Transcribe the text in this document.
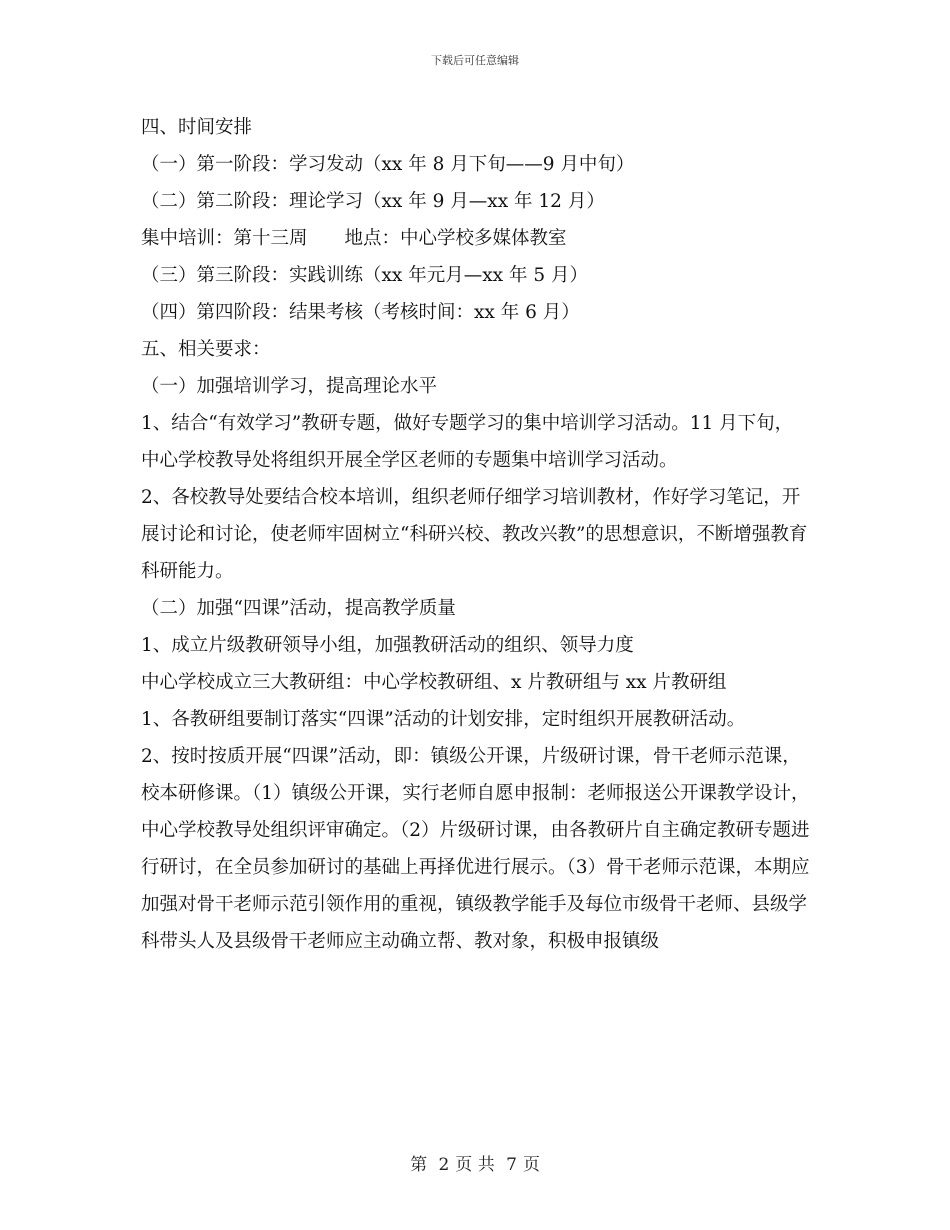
下载后可任意编辑

四、时间安排

（一）第一阶段：学习发动（xx 年 8 月下旬——9 月中旬）

（二）第二阶段：理论学习（xx 年 9 月—xx 年 12 月）

集中培训：第十三周　　地点：中心学校多媒体教室

（三）第三阶段：实践训练（xx 年元月—xx 年 5 月）

（四）第四阶段：结果考核（考核时间：xx 年 6 月）

五、相关要求：

（一）加强培训学习，提高理论水平

1、结合“有效学习”教研专题，做好专题学习的集中培训学习活动。11 月下旬，中心学校教导处将组织开展全学区老师的专题集中培训学习活动。

2、各校教导处要结合校本培训，组织老师仔细学习培训教材，作好学习笔记，开展讨论和讨论，使老师牢固树立“科研兴校、教改兴教”的思想意识，不断增强教育科研能力。

（二）加强“四课”活动，提高教学质量

1、成立片级教研领导小组，加强教研活动的组织、领导力度

中心学校成立三大教研组：中心学校教研组、x 片教研组与 xx 片教研组

1、各教研组要制订落实“四课”活动的计划安排，定时组织开展教研活动。

2、按时按质开展“四课”活动，即：镇级公开课，片级研讨课，骨干老师示范课，校本研修课。（1）镇级公开课，实行老师自愿申报制：老师报送公开课教学设计，中心学校教导处组织评审确定。（2）片级研讨课，由各教研片自主确定教研专题进行研讨，在全员参加研讨的基础上再择优进行展示。（3）骨干老师示范课，本期应加强对骨干老师示范引领作用的重视，镇级教学能手及每位市级骨干老师、县级学科带头人及县级骨干老师应主动确立帮、教对象，积极申报镇级

第 2 页 共 7 页
